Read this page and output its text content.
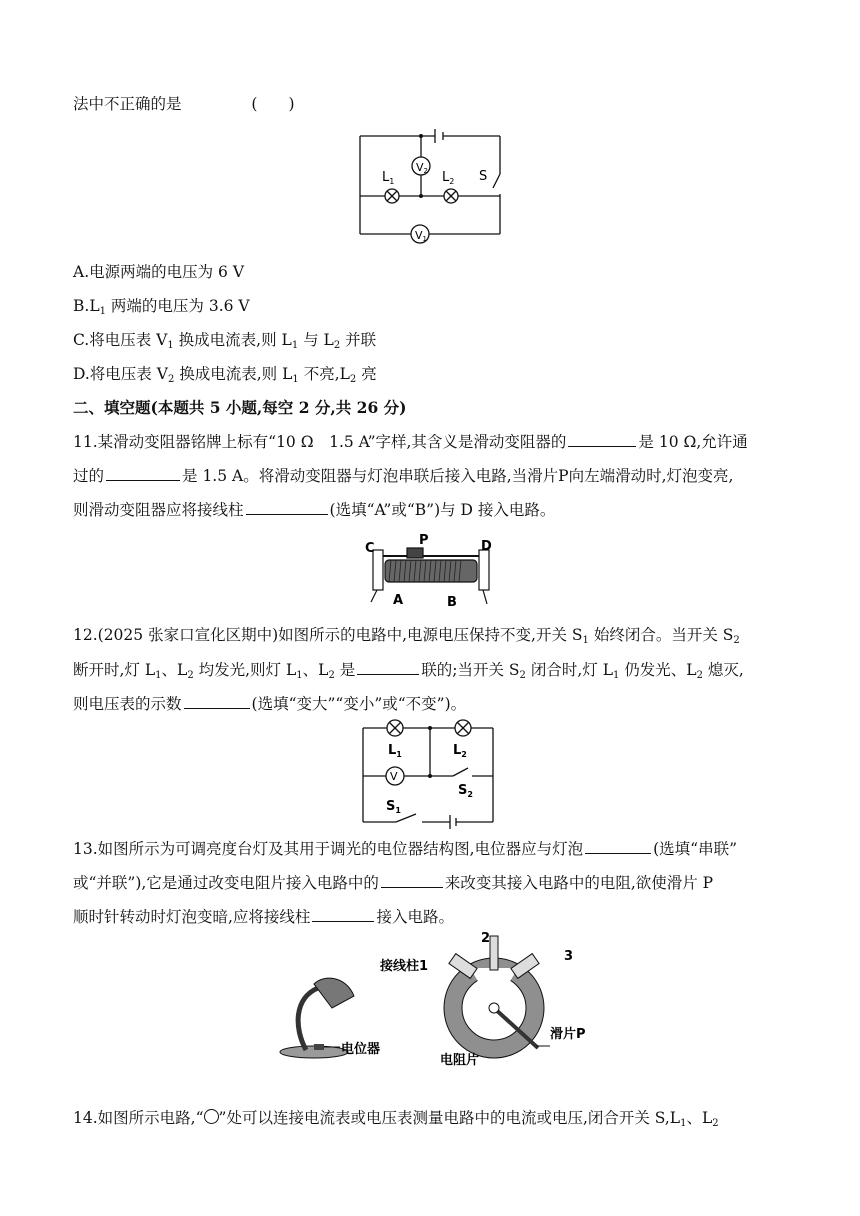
法中不正确的是	(　　)
V2
V1
$L_1$	$L_2$ S
A.电源两端的电压为 6 V
$B.L_1$ 两端的电压为 3.6 V
C.将电压表 $V_1$ 换成电流表,则 $L_1$ 与 $L_2$ 并联
D.将电压表 $V_2$ 换成电流表,则 $L_1$ 不亮$,L_2$ 亮
二、填空题(本题共 5 小题,每空 2 分,共 26 分)
11.某滑动变阻器铭牌上标有“10 Ω　1.5 A”字样,其含义是滑动变阻器的	是 10 Ω,允许通
过的	是 1.5 A。将滑动变阻器与灯泡串联后接入电路,当滑片P向左端滑动时,灯泡变亮,
则滑动变阻器应将接线柱	(选填“A”或“B”)与 D 接入电路。
C
P	D
A	B
12.(2025 张家口宣化区期中)如图所示的电路中,电源电压保持不变,开关 $S_1$ 始终闭合。当开关 $S_2$
断开时,灯 $L_1$、$L_2$ 均发光,则灯 $L_1$、$L_2$ 是	联的;当开关 $S_2$ 闭合时,灯 $L_1$ 仍发光、$L_2$ 熄灭,
则电压表的示数	(选填“变大”“变小”或“不变”)。
V
$L_1$	$L_2$
$S_2$
$S_1$
13.如图所示为可调亮度台灯及其用于调光的电位器结构图,电位器应与灯泡	(选填“串联”
或“并联”),它是通过改变电阻片接入电路中的	来改变其接入电路中的电阻,欲使滑片 P
顺时针转动时灯泡变暗,应将接线柱	接入电路。
电位器
接线柱1
2
3
滑片P
电阻片
14.如图所示电路,“ ”处可以连接电流表或电压表测量电路中的电流或电压,闭合开关 $S,L_1$、$L_2$
